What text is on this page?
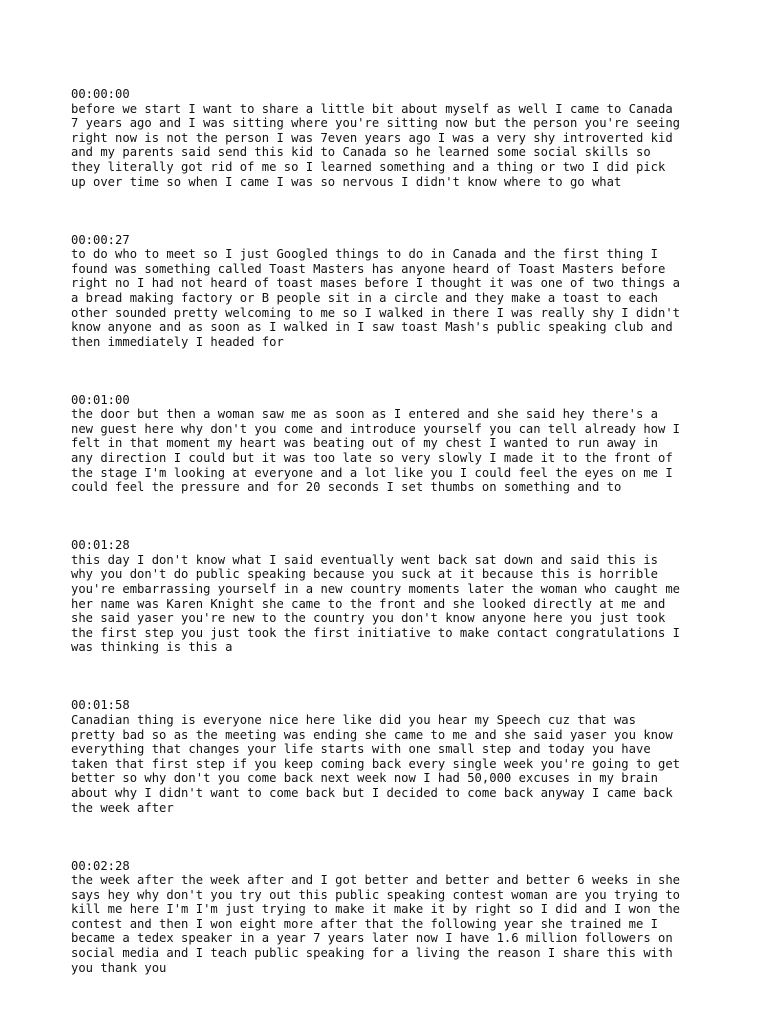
00:00:00
before we start I want to share a little bit about myself as well I came to Canada
7 years ago and I was sitting where you're sitting now but the person you're seeing
right now is not the person I was 7even years ago I was a very shy introverted kid
and my parents said send this kid to Canada so he learned some social skills so
they literally got rid of me so I learned something and a thing or two I did pick
up over time so when I came I was so nervous I didn't know where to go what
00:00:27
to do who to meet so I just Googled things to do in Canada and the first thing I
found was something called Toast Masters has anyone heard of Toast Masters before
right no I had not heard of toast mases before I thought it was one of two things a
a bread making factory or B people sit in a circle and they make a toast to each
other sounded pretty welcoming to me so I walked in there I was really shy I didn't
know anyone and as soon as I walked in I saw toast Mash's public speaking club and
then immediately I headed for
00:01:00
the door but then a woman saw me as soon as I entered and she said hey there's a
new guest here why don't you come and introduce yourself you can tell already how I
felt in that moment my heart was beating out of my chest I wanted to run away in
any direction I could but it was too late so very slowly I made it to the front of
the stage I'm looking at everyone and a lot like you I could feel the eyes on me I
could feel the pressure and for 20 seconds I set thumbs on something and to
00:01:28
this day I don't know what I said eventually went back sat down and said this is
why you don't do public speaking because you suck at it because this is horrible
you're embarrassing yourself in a new country moments later the woman who caught me
her name was Karen Knight she came to the front and she looked directly at me and
she said yaser you're new to the country you don't know anyone here you just took
the first step you just took the first initiative to make contact congratulations I
was thinking is this a
00:01:58
Canadian thing is everyone nice here like did you hear my Speech cuz that was
pretty bad so as the meeting was ending she came to me and she said yaser you know
everything that changes your life starts with one small step and today you have
taken that first step if you keep coming back every single week you're going to get
better so why don't you come back next week now I had 50,000 excuses in my brain
about why I didn't want to come back but I decided to come back anyway I came back
the week after
00:02:28
the week after the week after and I got better and better and better 6 weeks in she
says hey why don't you try out this public speaking contest woman are you trying to
kill me here I'm I'm just trying to make it make it by right so I did and I won the
contest and then I won eight more after that the following year she trained me I
became a tedex speaker in a year 7 years later now I have 1.6 million followers on
social media and I teach public speaking for a living the reason I share this with
you thank you
